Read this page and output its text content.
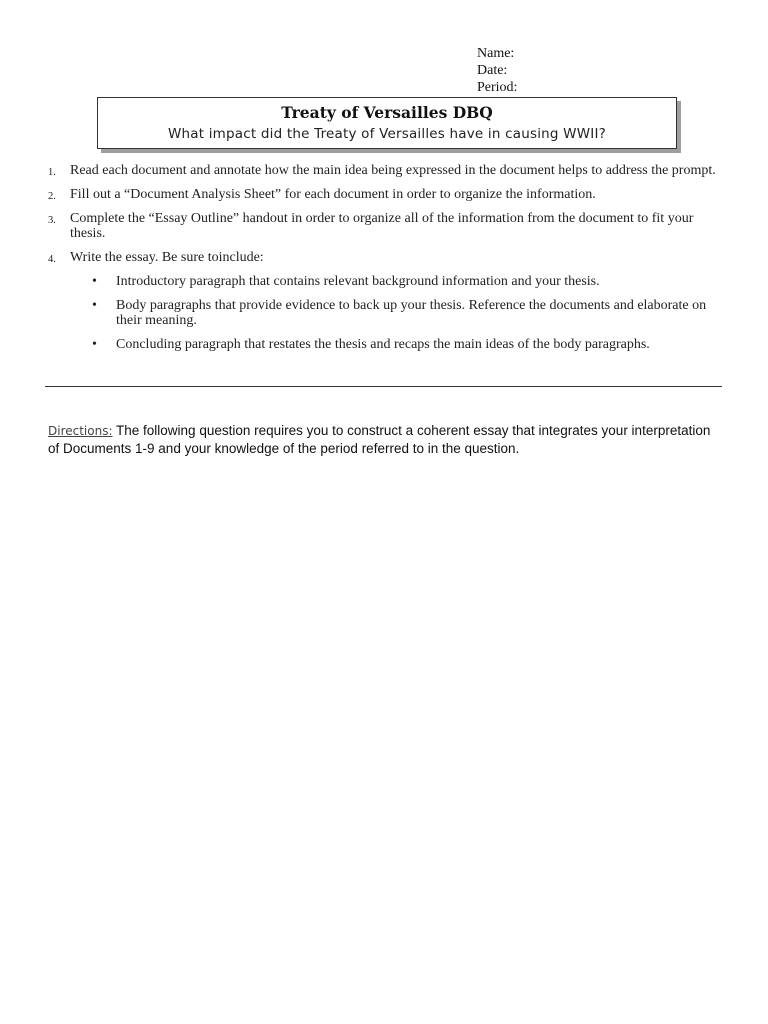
Name:
Date:
Period:
Treaty of Versailles DBQ
What impact did the Treaty of Versailles have in causing WWII?
1. Read each document and annotate how the main idea being expressed in the document helps to address the prompt.
2. Fill out a “Document Analysis Sheet” for each document in order to organize the information.
3. Complete the “Essay Outline” handout in order to organize all of the information from the document to fit your thesis.
4. Write the essay. Be sure toinclude:
• Introductory paragraph that contains relevant background information and your thesis.
• Body paragraphs that provide evidence to back up your thesis. Reference the documents and elaborate on their meaning.
• Concluding paragraph that restates the thesis and recaps the main ideas of the body paragraphs.
Directions: The following question requires you to construct a coherent essay that integrates your interpretation of Documents 1-9 and your knowledge of the period referred to in the question.
